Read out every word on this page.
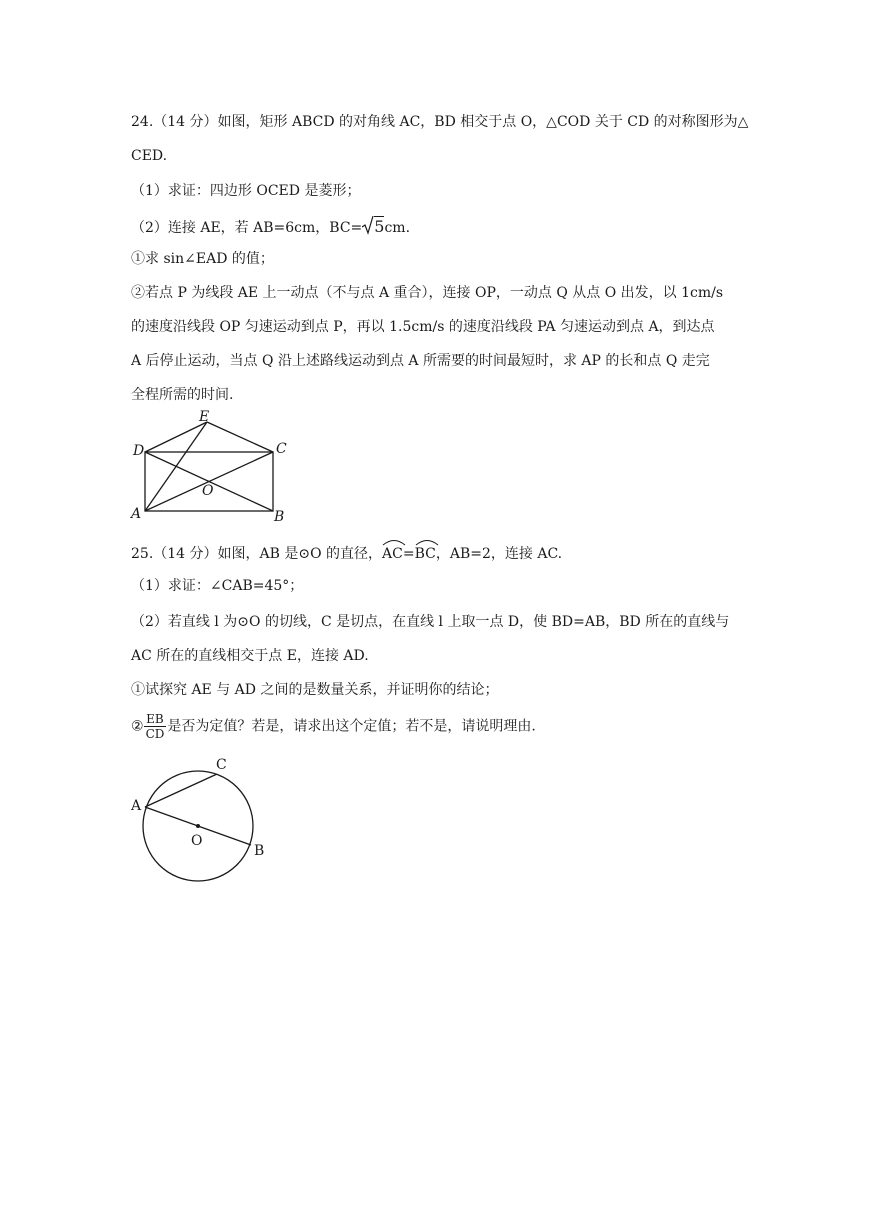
24.（14 分）如图，矩形 ABCD 的对角线 AC，BD 相交于点 O，△COD 关于 CD 的对称图形为△
CED.
（1）求证：四边形 OCED 是菱形；
（2）连接 AE，若 AB=6cm，BC= 5cm.
①求 sin∠EAD 的值；
②若点 P 为线段 AE 上一动点（不与点 A 重合），连接 OP，一动点 Q 从点 O 出发，以 1cm/s
的速度沿线段 OP 匀速运动到点 P，再以 1.5cm/s 的速度沿线段 PA 匀速运动到点 A，到达点
A 后停止运动，当点 Q 沿上述路线运动到点 A 所需要的时间最短时，求 AP 的长和点 Q 走完
全程所需的时间.
E
D	C
O
A	B
25.（14 分）如图，AB 是⊙O 的直径，
AC=
BC，AB=2，连接 AC.
（1）求证：∠CAB=45°；
（2）若直线 l 为⊙O 的切线，C 是切点，在直线 l 上取一点 D，使 BD=AB，BD 所在的直线与
AC 所在的直线相交于点 E，连接 AD.
①试探究 AE 与 AD 之间的是数量关系，并证明你的结论；
② $\frac{EB}{CD}$ 是否为定值？若是，请求出这个定值；若不是，请说明理由.
C
A
O
B
